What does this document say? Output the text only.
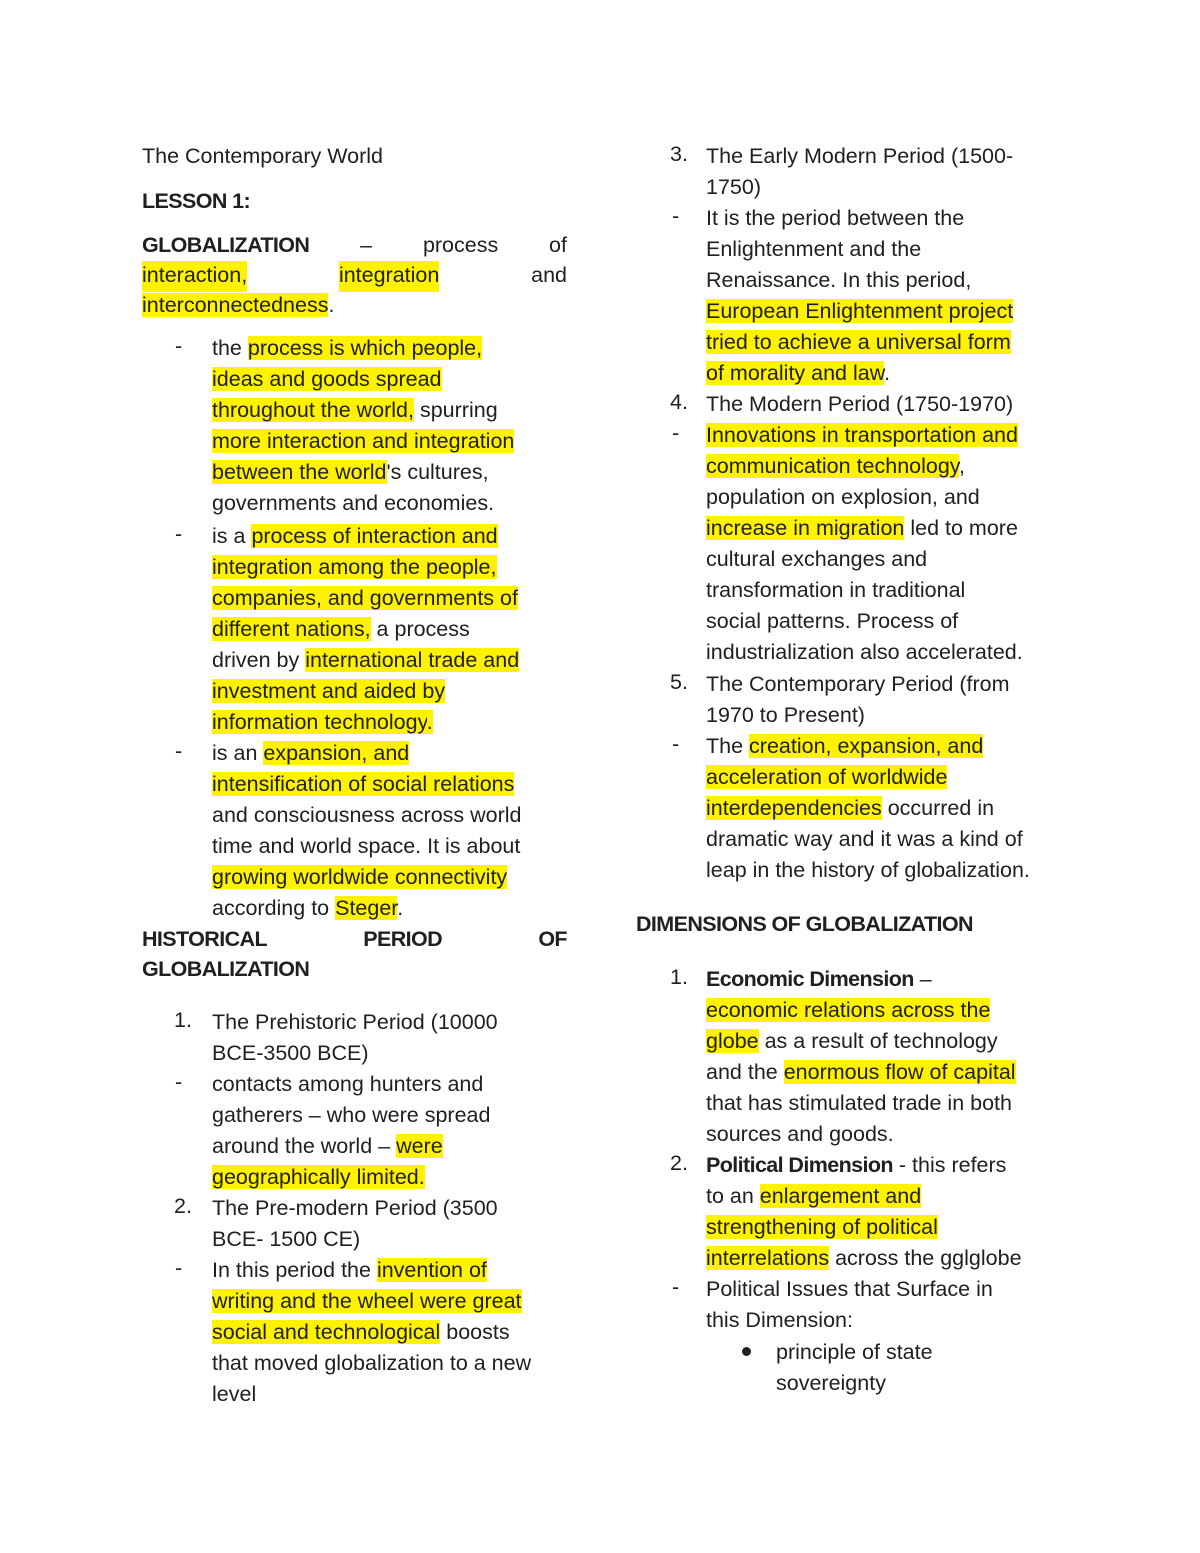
The Contemporary World
LESSON 1:
GLOBALIZATION – process of
interaction,	integration	and
interconnectedness.
- the process is which people,
ideas and goods spread
throughout the world, spurring
more interaction and integration
between the world's cultures,
governments and economies.
- is a process of interaction and
integration among the people,
companies, and governments of
different nations, a process
driven by international trade and
investment and aided by
information technology.
- is an expansion, and
intensification of social relations
and consciousness across world
time and world space. It is about
growing worldwide connectivity
according to Steger.
HISTORICAL	PERIOD	OF
GLOBALIZATION
1. The Prehistoric Period (10000
BCE-3500 BCE)
- contacts among hunters and
gatherers – who were spread
around the world – were
geographically limited.
2. The Pre-modern Period (3500
BCE- 1500 CE)
- In this period the invention of
writing and the wheel were great
social and technological boosts
that moved globalization to a new
level
3. The Early Modern Period (1500-
1750)
- It is the period between the
Enlightenment and the
Renaissance. In this period,
European Enlightenment project
tried to achieve a universal form
of morality and law.
4. The Modern Period (1750-1970)
- Innovations in transportation and
communication technology,
population on explosion, and
increase in migration led to more
cultural exchanges and
transformation in traditional
social patterns. Process of
industrialization also accelerated.
5. The Contemporary Period (from
1970 to Present)
- The creation, expansion, and
acceleration of worldwide
interdependencies occurred in
dramatic way and it was a kind of
leap in the history of globalization.
DIMENSIONS OF GLOBALIZATION
1. Economic Dimension –
economic relations across the
globe as a result of technology
and the enormous flow of capital
that has stimulated trade in both
sources and goods.
2. Political Dimension - this refers
to an enlargement and
strengthening of political
interrelations across the gglglobe
- Political Issues that Surface in
this Dimension:
principle of state
sovereignty
